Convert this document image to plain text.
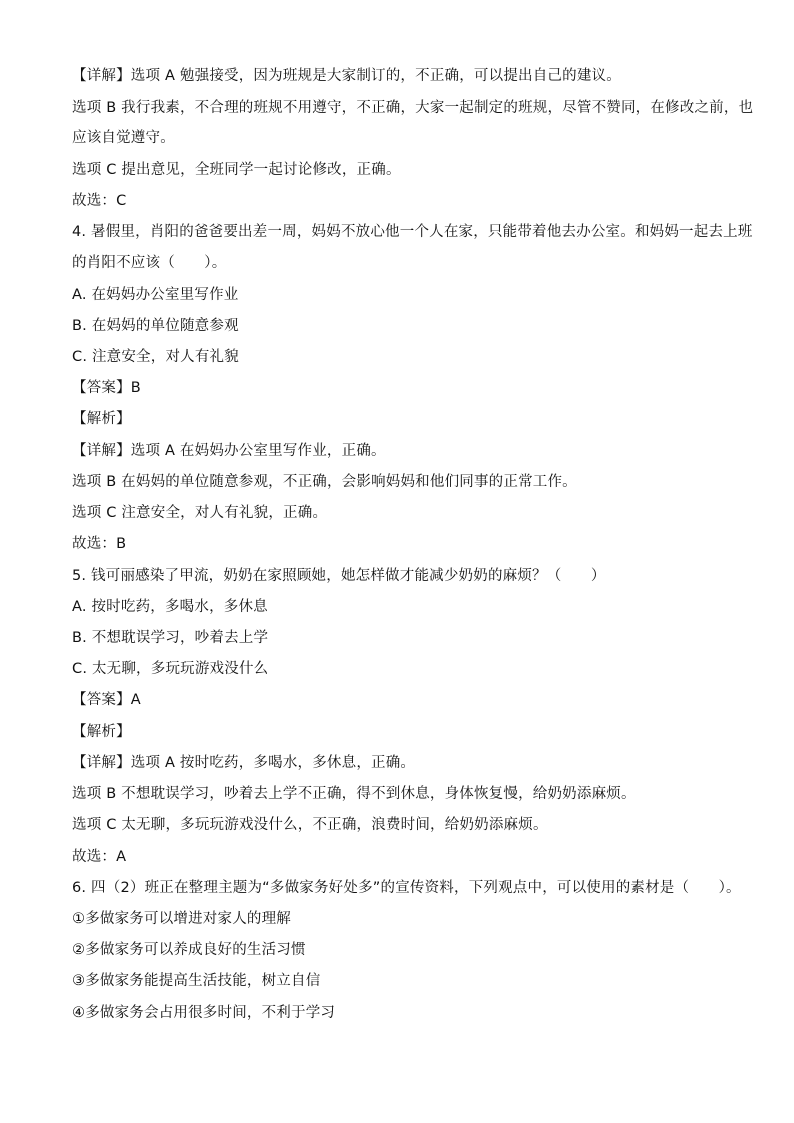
【详解】选项 A 勉强接受，因为班规是大家制订的，不正确，可以提出自己的建议。
选项 B 我行我素，不合理的班规不用遵守，不正确，大家一起制定的班规，尽管不赞同，在修改之前，也
应该自觉遵守。
选项 C 提出意见，全班同学一起讨论修改，正确。
故选：C
4. 暑假里，肖阳的爸爸要出差一周，妈妈不放心他一个人在家，只能带着他去办公室。和妈妈一起去上班
的肖阳不应该（　　）。
A. 在妈妈办公室里写作业
B. 在妈妈的单位随意参观
C. 注意安全，对人有礼貌
【答案】B
【解析】
【详解】选项 A 在妈妈办公室里写作业，正确。
选项 B 在妈妈的单位随意参观，不正确，会影响妈妈和他们同事的正常工作。
选项 C 注意安全，对人有礼貌，正确。
故选：B
5. 钱可丽感染了甲流，奶奶在家照顾她，她怎样做才能减少奶奶的麻烦？（　　）
A. 按时吃药，多喝水，多休息
B. 不想耽误学习，吵着去上学
C. 太无聊，多玩玩游戏没什么
【答案】A
【解析】
【详解】选项 A 按时吃药，多喝水，多休息，正确。
选项 B 不想耽误学习，吵着去上学不正确，得不到休息，身体恢复慢，给奶奶添麻烦。
选项 C 太无聊，多玩玩游戏没什么，不正确，浪费时间，给奶奶添麻烦。
故选：A
6. 四（2）班正在整理主题为“多做家务好处多”的宣传资料，下列观点中，可以使用的素材是（　　）。
①多做家务可以增进对家人的理解
②多做家务可以养成良好的生活习惯
③多做家务能提高生活技能，树立自信
④多做家务会占用很多时间，不利于学习
